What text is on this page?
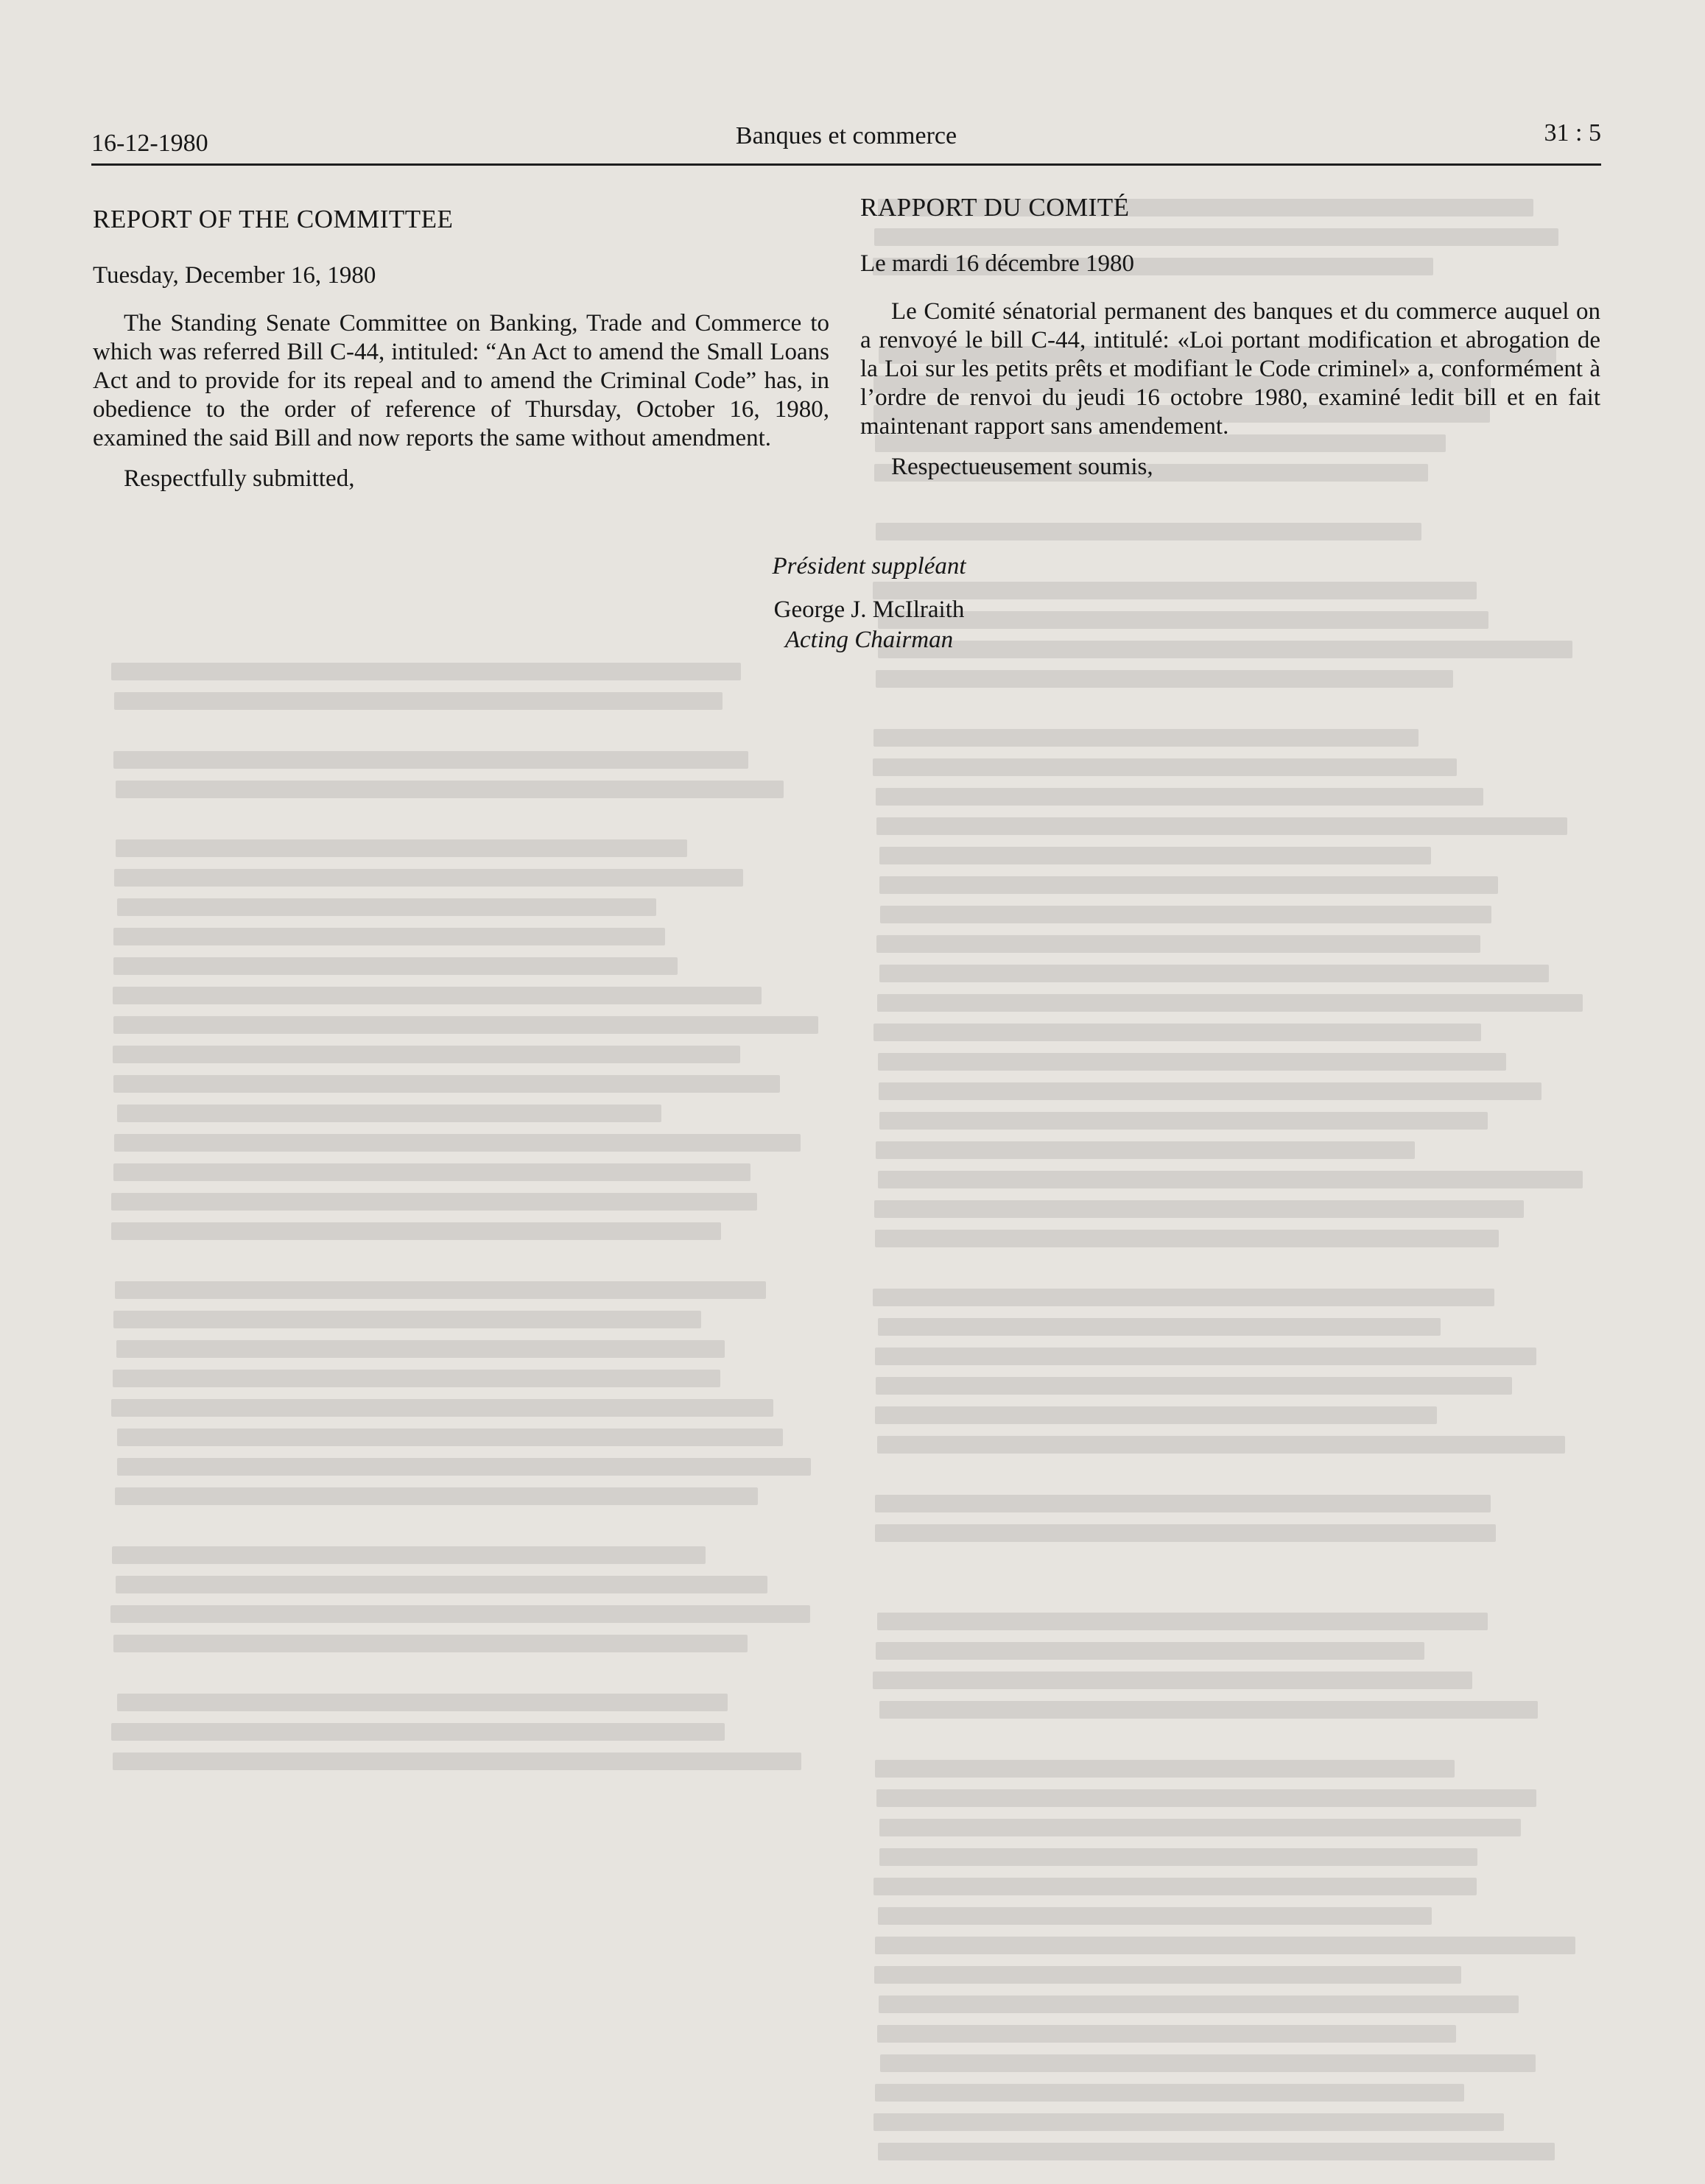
16-12-1980	Banques et commerce	31 : 5
REPORT OF THE COMMITTEE
Tuesday, December 16, 1980

The Standing Senate Committee on Banking, Trade and Commerce to which was referred Bill C-44, intituled: “An Act to amend the Small Loans Act and to provide for its repeal and to amend the Criminal Code” has, in obedience to the order of reference of Thursday, October 16, 1980, examined the said Bill and now reports the same without amendment.

Respectfully submitted,

RAPPORT DU COMITÉ
Le mardi 16 décembre 1980

Le Comité sénatorial permanent des banques et du commerce auquel on a renvoyé le bill C-44, intitulé: «Loi portant modification et abrogation de la Loi sur les petits prêts et modifiant le Code criminel» a, conformément à l’ordre de renvoi du jeudi 16 octobre 1980, examiné ledit bill et en fait maintenant rapport sans amendement.

Respectueusement soumis,

Président suppléant

George J. McIlraith

Acting Chairman
